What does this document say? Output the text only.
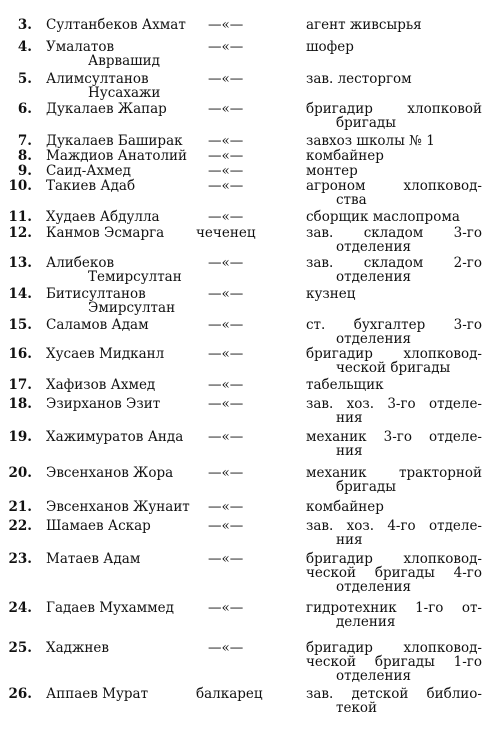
3. Султанбеков Ахмат —«—	агент живсырья
4. Умалатов
Аврвашид
—«—	шофер
5. Алимсултанов
Нусахажи
—«—	зав. лесторгом
6. Дукалаев Жапар	—«—	бригадир хлопковой
бригады
7. Дукалаев Баширак —«—	завхоз школы № 1
8. Маждиов Анатолий —«—	комбайнер
9. Саид-Ахмед	—«—	монтер
10. Такиев Адаб	—«—	агроном хлопковод-
ства
11. Худаев Абдулла	—«—	сборщик маслопрома
12. Канмов Эсмарга чеченец	зав. складом 3-го
отделения
13. Алибеков
Темирсултан
—«—	зав. складом 2-го
отделения
14. Битисултанов
Эмирсултан
—«—	кузнец
15. Саламов Адам	—«—	ст. бухгалтер 3-го
отделения
16. Хусаев Мидканл	—«—	бригадир хлопковод-
ческой бригады
17. Хафизов Ахмед	—«—	табельщик
18. Эзирханов Эзит	—«—	зав. хоз. 3-го отделе-
ния
19. Хажимуратов Анда —«—	механик 3-го отделе-
ния
20. Эвсенханов Жора	—«—	механик тракторной
бригады
21. Эвсенханов Жунаит —«—	комбайнер
22. Шамаев Аскар	—«—	зав. хоз. 4-го отделе-
ния
23. Матаев Адам	—«—	бригадир хлопковод-
ческой бригады 4-го
отделения
24. Гадаев Мухаммед	—«—	гидротехник 1-го от-
деления
25. Хаджнев	—«—	бригадир хлопковод-
ческой бригады 1-го
отделения
26. Аппаев Мурат	балкарец	зав. детской библио-
текой
